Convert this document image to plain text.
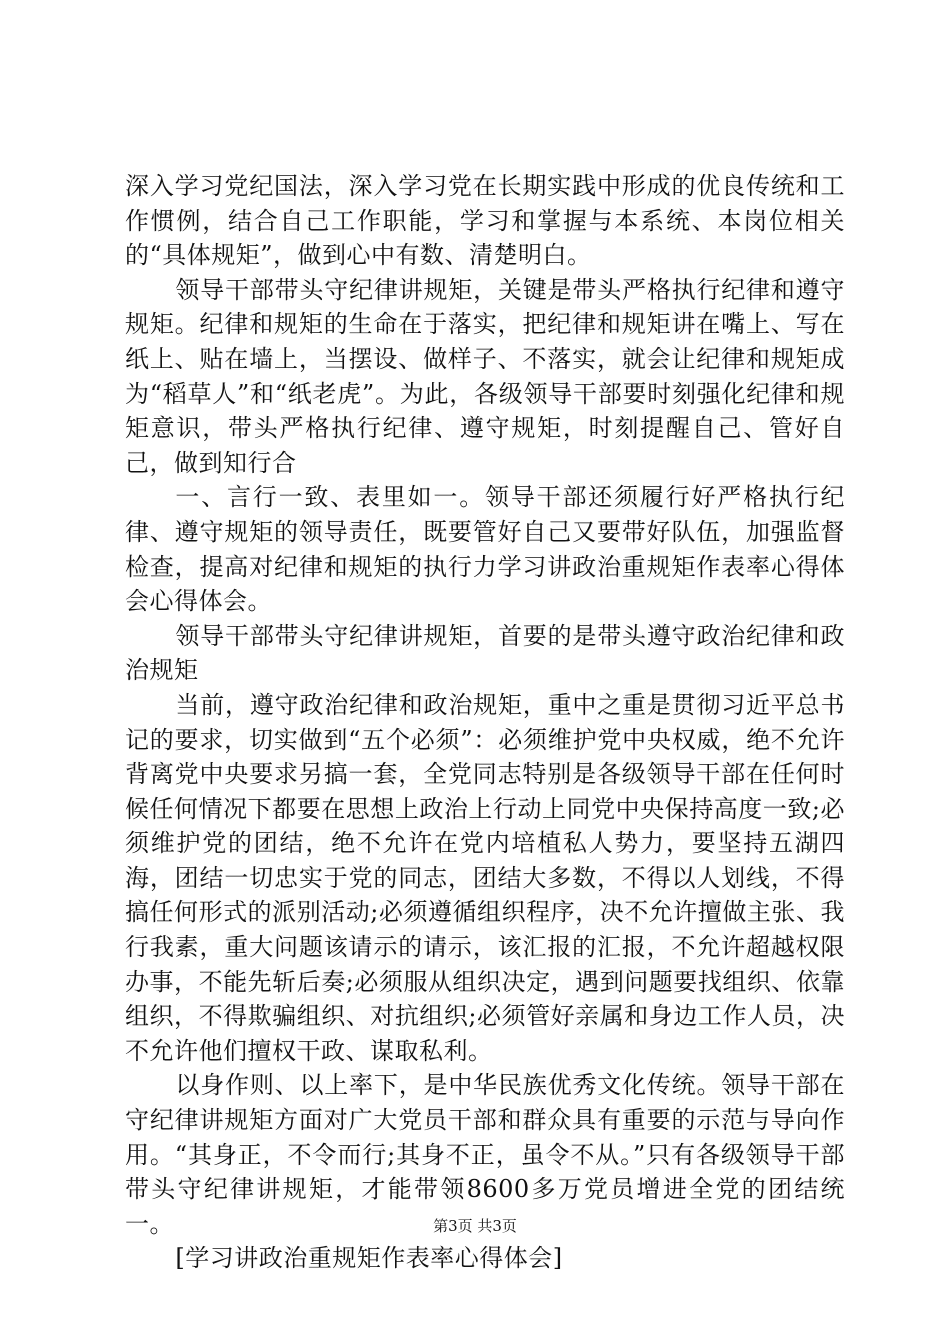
深入学习党纪国法，深入学习党在长期实践中形成的优良传统和工作惯例，结合自己工作职能，学习和掌握与本系统、本岗位相关的“具体规矩”，做到心中有数、清楚明白。

领导干部带头守纪律讲规矩，关键是带头严格执行纪律和遵守规矩。纪律和规矩的生命在于落实，把纪律和规矩讲在嘴上、写在纸上、贴在墙上，当摆设、做样子、不落实，就会让纪律和规矩成为“稻草人”和“纸老虎”。为此，各级领导干部要时刻强化纪律和规矩意识，带头严格执行纪律、遵守规矩，时刻提醒自己、管好自己，做到知行合

一、言行一致、表里如一。领导干部还须履行好严格执行纪律、遵守规矩的领导责任，既要管好自己又要带好队伍，加强监督检查，提高对纪律和规矩的执行力学习讲政治重规矩作表率心得体会心得体会。

领导干部带头守纪律讲规矩，首要的是带头遵守政治纪律和政治规矩

当前，遵守政治纪律和政治规矩，重中之重是贯彻习近平总书记的要求，切实做到“五个必须”：必须维护党中央权威，绝不允许背离党中央要求另搞一套，全党同志特别是各级领导干部在任何时候任何情况下都要在思想上政治上行动上同党中央保持高度一致;必须维护党的团结，绝不允许在党内培植私人势力，要坚持五湖四海，团结一切忠实于党的同志，团结大多数，不得以人划线，不得搞任何形式的派别活动;必须遵循组织程序，决不允许擅做主张、我行我素，重大问题该请示的请示，该汇报的汇报，不允许超越权限办事，不能先斩后奏;必须服从组织决定，遇到问题要找组织、依靠组织，不得欺骗组织、对抗组织;必须管好亲属和身边工作人员，决不允许他们擅权干政、谋取私利。

以身作则、以上率下，是中华民族优秀文化传统。领导干部在守纪律讲规矩方面对广大党员干部和群众具有重要的示范与导向作用。“其身正，不令而行;其身不正，虽令不从。”只有各级领导干部带头守纪律讲规矩，才能带领8600多万党员增进全党的团结统一。

[学习讲政治重规矩作表率心得体会]

第3页 共3页
